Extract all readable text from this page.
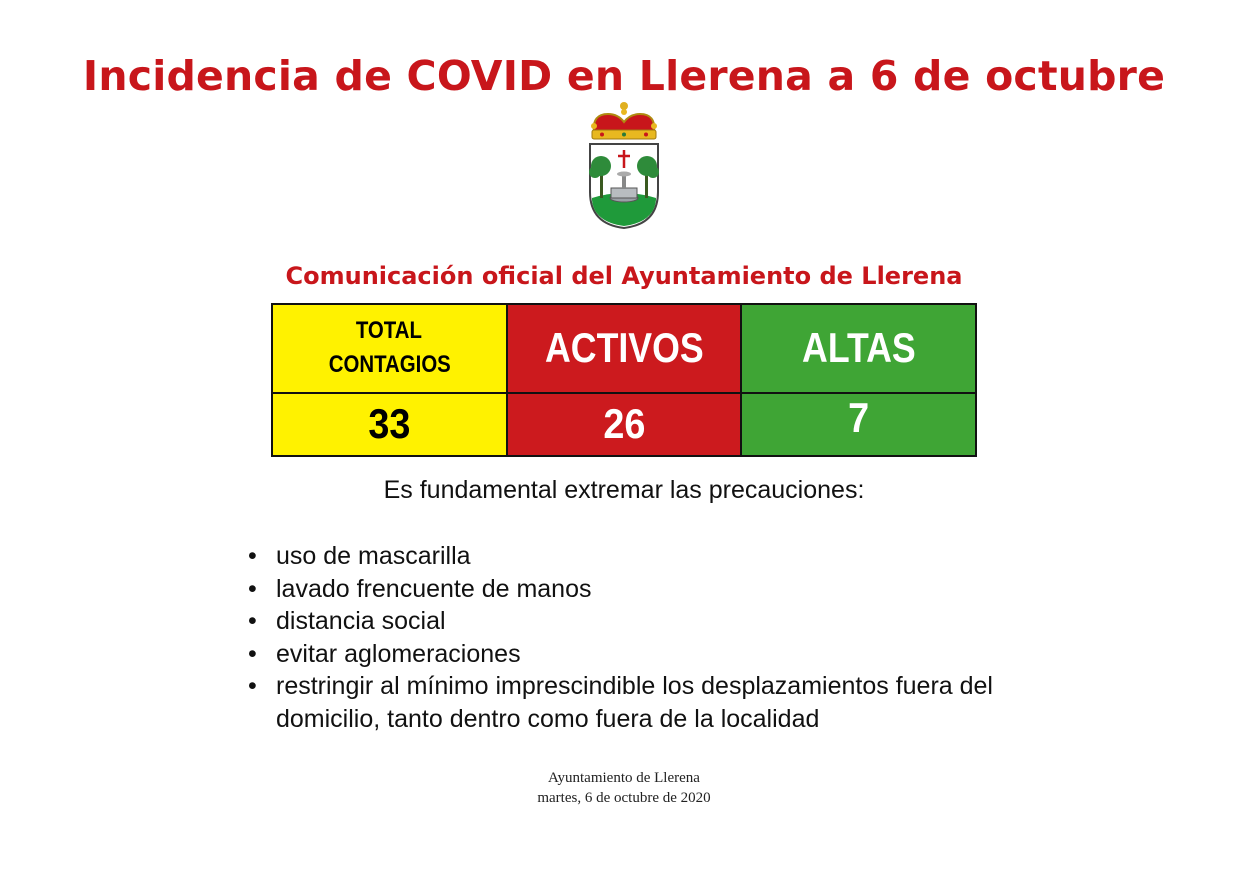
Incidencia de COVID en Llerena a 6 de octubre
Comunicación oficial del Ayuntamiento de Llerena
TOTAL
CONTAGIOS	ACTIVOS	ALTAS
33	26	7
Es fundamental extremar las precauciones:
• uso de mascarilla
• lavado frencuente de manos
• distancia social
• evitar aglomeraciones
• restringir al mínimo imprescindible los desplazamientos fuera del domicilio, tanto dentro como fuera de la localidad
Ayuntamiento de Llerena
martes, 6 de octubre de 2020
